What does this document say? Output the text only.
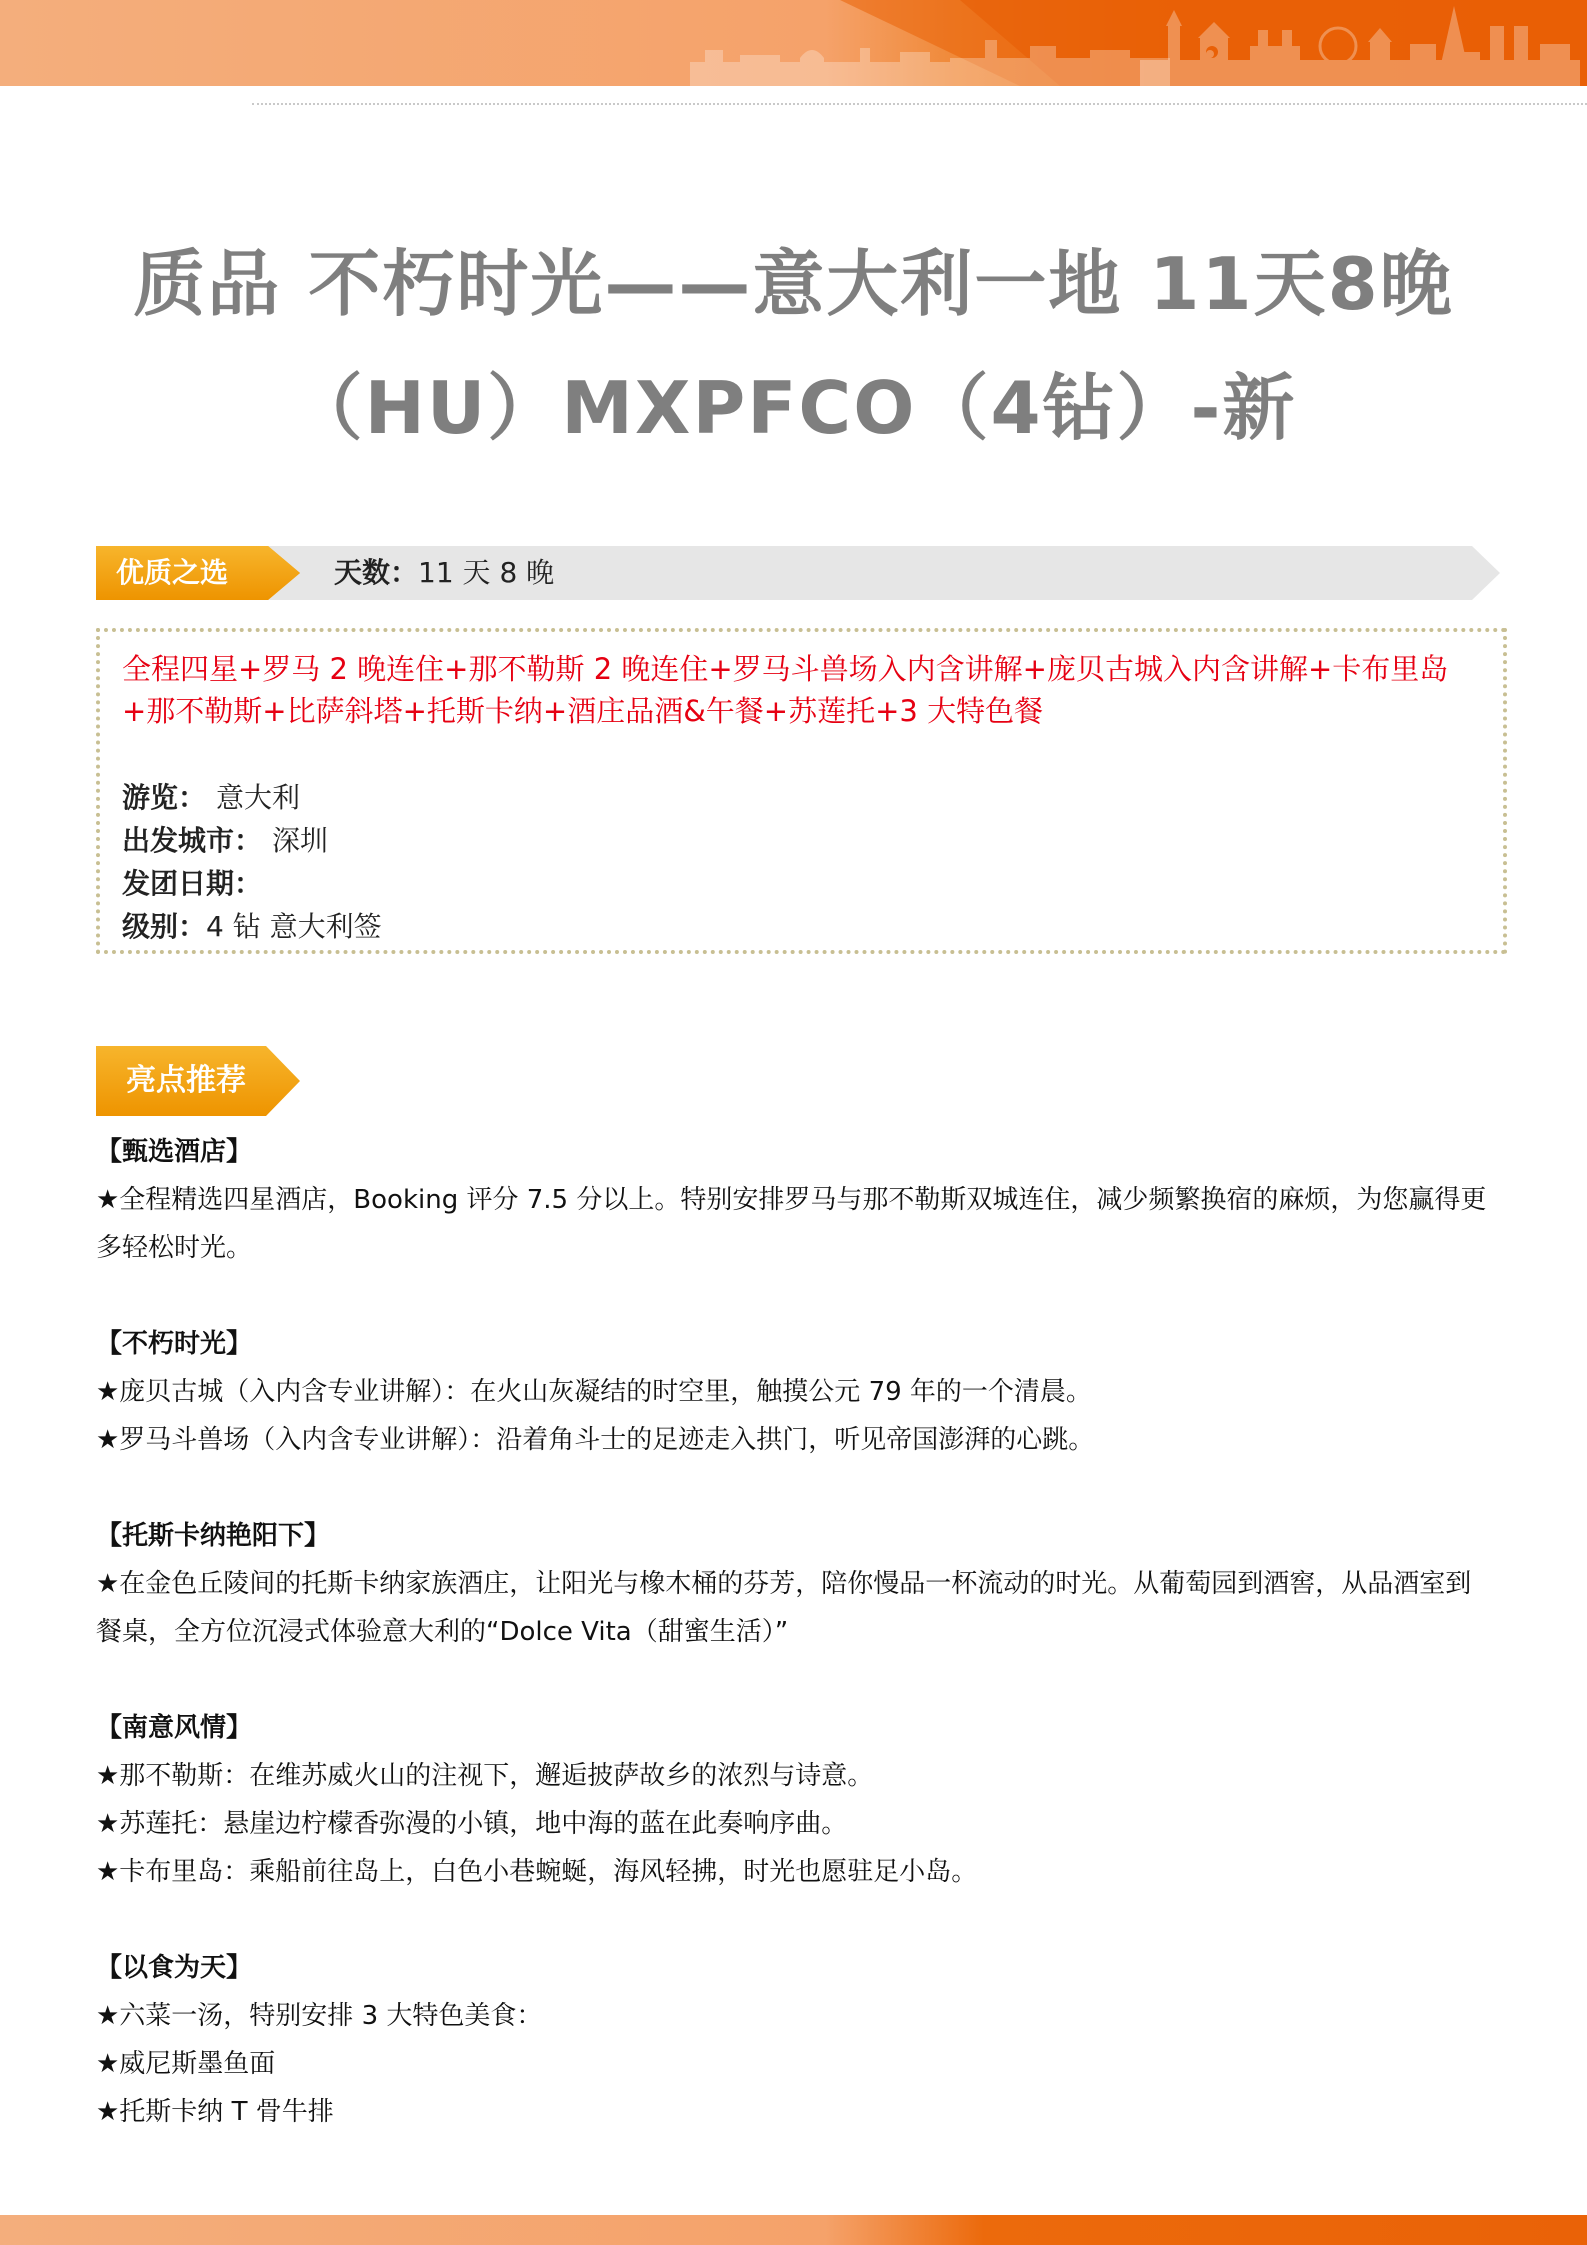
质品 不朽时光——意大利一地 11天8晚
（HU）MXPFCO（4钻）-新
优质之选	天数：11 天 8 晚
全程四星+罗马 2 晚连住+那不勒斯 2 晚连住+罗马斗兽场入内含讲解+庞贝古城入内含讲解+卡布里岛+那不勒斯+比萨斜塔+托斯卡纳+酒庄品酒&午餐+苏莲托+3 大特色餐
游览： 意大利
出发城市： 深圳
发团日期：
级别：4 钻 意大利签
亮点推荐
【甄选酒店】

★全程精选四星酒店，Booking 评分 7.5 分以上。特别安排罗马与那不勒斯双城连住，减少频繁换宿的麻烦，为您赢得更多轻松时光。

【不朽时光】

★庞贝古城（入内含专业讲解）：在火山灰凝结的时空里，触摸公元 79 年的一个清晨。

★罗马斗兽场（入内含专业讲解）：沿着角斗士的足迹走入拱门，听见帝国澎湃的心跳。

【托斯卡纳艳阳下】

★在金色丘陵间的托斯卡纳家族酒庄，让阳光与橡木桶的芬芳，陪你慢品一杯流动的时光。从葡萄园到酒窖，从品酒室到餐桌，全方位沉浸式体验意大利的“Dolce Vita（甜蜜生活）”

【南意风情】

★那不勒斯：在维苏威火山的注视下，邂逅披萨故乡的浓烈与诗意。

★苏莲托：悬崖边柠檬香弥漫的小镇，地中海的蓝在此奏响序曲。

★卡布里岛：乘船前往岛上，白色小巷蜿蜒，海风轻拂，时光也愿驻足小岛。

【以食为天】

★六菜一汤，特别安排 3 大特色美食：

★威尼斯墨鱼面

★托斯卡纳 T 骨牛排
